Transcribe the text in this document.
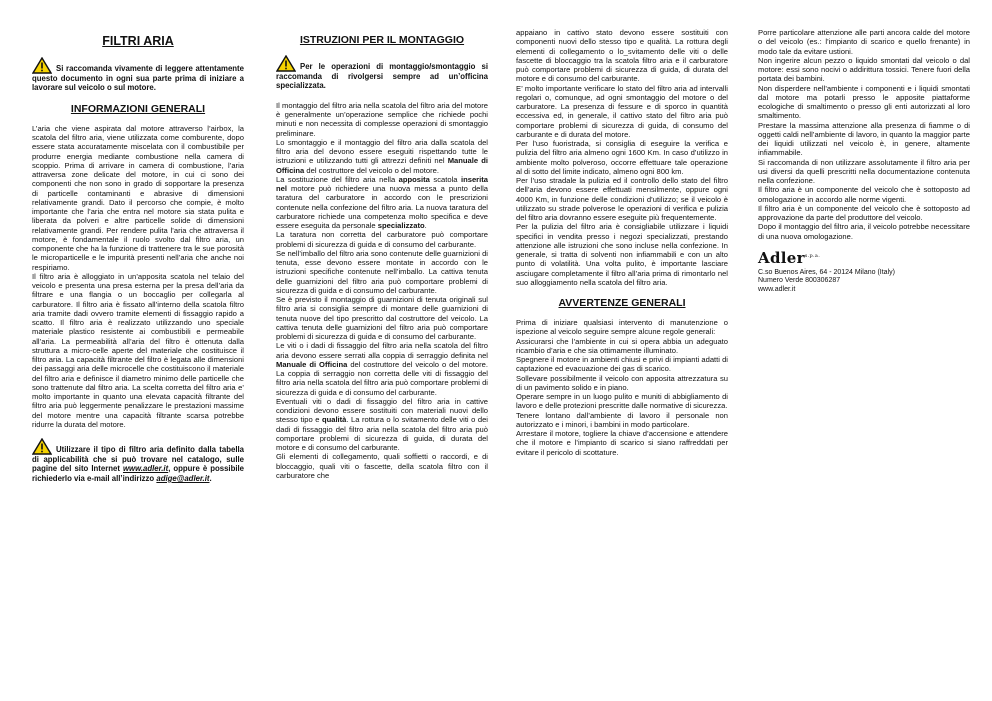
FILTRI ARIA
Si raccomanda vivamente di leggere attentamente questo documento in ogni sua parte prima di iniziare a lavorare sul veicolo o sul motore.
INFORMAZIONI GENERALI

L’aria che viene aspirata dal motore attraverso l’airbox, la scatola del filtro aria, viene utilizzata come comburente, dopo essere stata accuratamente miscelata con il combustibile per produrre energia mediante combustione nella camera di scoppio. Prima di arrivare in camera di combustione, l’aria attraversa zone delicate del motore, in cui ci sono dei componenti che non sono in grado di sopportare la presenza di particelle contaminanti e abrasive di dimensioni relativamente grandi. Dato il percorso che compie, è molto importante che l’aria che entra nel motore sia stata pulita e liberata da polveri e altre particelle solide di dimensioni relativamente grandi. Per rendere pulita l’aria che attraversa il motore, è fondamentale il ruolo svolto dal filtro aria, un componente che ha la funzione di trattenere tra le sue porosità le microparticelle e le impurità presenti nell’aria che anche noi respiriamo.

Il filtro aria è alloggiato in un’apposita scatola nel telaio del veicolo e presenta una presa esterna per la presa dell’aria da filtrare e una flangia o un boccaglio per collegarla al carburatore. Il filtro aria è fissato all’interno della scatola filtro aria tramite dadi ovvero tramite elementi di fissaggio rapido a scatto. Il filtro aria è realizzato utilizzando uno speciale materiale plastico resistente ai combustibili e permeabile all’aria. La permeabilità all’aria del filtro è ottenuta dalla struttura a micro-celle aperte del materiale che costituisce il filtro aria. La capacità filtrante del filtro è legata alle dimensioni dei passaggi aria delle microcelle che costituiscono il materiale del filtro aria e definisce il diametro minimo delle particelle che sono trattenute dal filtro aria. La scelta corretta del filtro aria e’ molto importante in quanto una elevata capacità filtrante del filtro aria può leggermente penalizzare le prestazioni massime del motore mentre una capacità filtrante scarsa potrebbe ridurre la durata del motore.

Utilizzare il tipo di filtro aria definito dalla tabella di applicabilità che si può trovare nel catalogo, sulle pagine del sito Internet www.adler.it, oppure è possibile richiederlo via e-mail all’indirizzo adige@adler.it.
ISTRUZIONI PER IL MONTAGGIO
Per le operazioni di montaggio/smontaggio si raccomanda di rivolgersi sempre ad un’officina specializzata.

Il montaggio del filtro aria nella scatola del filtro aria del motore è generalmente un’operazione semplice che richiede pochi minuti e non necessita di complesse operazioni di smontaggio preliminare.

Lo smontaggio e il montaggio del filtro aria dalla scatola del filtro aria del devono essere eseguiti rispettando tutte le istruzioni e utilizzando tutti gli attrezzi definiti nel Manuale di Officina del costruttore del veicolo o del motore.

La sostituzione del filtro aria nella apposita scatola inserita nel motore può richiedere una nuova messa a punto della taratura del carburatore in accordo con le prescrizioni contenute nella confezione del filtro aria. La nuova taratura del carburatore richiede una competenza molto specifica e deve essere eseguita da personale specializzato.

La taratura non corretta del carburatore può comportare problemi di sicurezza di guida e di consumo del carburante.

Se nell’imballo del filtro aria sono contenute delle guarnizioni di tenuta, esse devono essere montate in accordo con le istruzioni specifiche contenute nell’imballo. La cattiva tenuta delle guarnizioni del filtro aria può comportare problemi di sicurezza di guida e di consumo del carburante.

Se è previsto il montaggio di guarnizioni di tenuta originali sul filtro aria si consiglia sempre di montare delle guarnizioni di tenuta nuove del tipo prescritto dal costruttore del veicolo. La cattiva tenuta delle guarnizioni del filtro aria può comportare problemi di sicurezza di guida e di consumo del carburante.

Le viti o i dadi di fissaggio del filtro aria nella scatola del filtro aria devono essere serrati alla coppia di serraggio definita nel Manuale di Officina del costruttore del veicolo o del motore. La coppia di serraggio non corretta delle viti di fissaggio del filtro aria nella scatola del filtro aria può comportare problemi di sicurezza di guida e di consumo del carburante.

Eventuali viti o dadi di fissaggio del filtro aria in cattive condizioni devono essere sostituiti con materiali nuovi dello stesso tipo e qualità. La rottura o lo svitamento delle viti o dei dadi di fissaggio del filtro aria nella scatola del filtro aria può comportare problemi di sicurezza di guida, di durata del motore e di consumo del carburante.

Gli elementi di collegamento, quali soffietti o raccordi, e di bloccaggio, quali viti o fascette, della scatola filtro con il carburatore che

appaiano in cattivo stato devono essere sostituiti con componenti nuovi dello stesso tipo e qualità. La rottura degli elementi di collegamento o lo_svitamento delle viti o delle fascette di bloccaggio tra la scatola filtro aria e il carburatore può comportare problemi di sicurezza di guida, di durata del motore e di consumo del carburante.

E’ molto importante verificare lo stato del filtro aria ad intervalli regolari o, comunque, ad ogni smontaggio del motore o del carburatore. La presenza di fessure e di sporco in quantità eccessiva ed, in generale, il cattivo stato del filtro aria può comportare problemi di sicurezza di guida, di consumo del carburante e di durata del motore.

Per l’uso fuoristrada, si consiglia di eseguire la verifica e pulizia del filtro aria almeno ogni 1600 Km. In caso d’utilizzo in ambiente molto polveroso, occorre effettuare tale operazione al di sotto del limite indicato, almeno ogni 800 km.

Per l’uso stradale la pulizia ed il controllo dello stato del filtro dell’aria devono essere effettuati mensilmente, oppure ogni 4000 Km, in funzione delle condizioni d’utilizzo; se il veicolo è utilizzato su strade polverose le operazioni di verifica e pulizia del filtro aria dovranno essere eseguite più frequentemente.

Per la pulizia del filtro aria è consigliabile utilizzare i liquidi specifici in vendita presso i negozi specializzati, prestando attenzione alle istruzioni che sono incluse nella confezione. In generale, si tratta di solventi non infiammabili e con un alto punto di volatilità. Una volta pulito, è importante lasciare asciugare completamente il filtro all’aria prima di rimontarlo nel suo alloggiamento nella scatola del filtro aria.

AVVERTENZE GENERALI

Prima di iniziare qualsiasi intervento di manutenzione o ispezione al veicolo seguire sempre alcune regole generali:

Assicurarsi che l’ambiente in cui si opera abbia un adeguato ricambio d’aria e che sia ottimamente illuminato.

Spegnere il motore in ambienti chiusi e privi di impianti adatti di captazione ed evacuazione dei gas di scarico.

Sollevare possibilmente il veicolo con apposita attrezzatura su di un pavimento solido e in piano.

Operare sempre in un luogo pulito e muniti di abbigliamento di lavoro e delle protezioni prescritte dalle normative di sicurezza.

Tenere lontano dall’ambiente di lavoro il personale non autorizzato e i minori, i bambini in modo particolare.

Arrestare il motore, togliere la chiave d’accensione e attendere che il motore e l’impianto di scarico si siano raffreddati per evitare il pericolo di scottature.

Porre particolare attenzione alle parti ancora calde del motore o del veicolo (es.: l’impianto di scarico e quello frenante) in modo tale da evitare ustioni.

Non ingerire alcun pezzo o liquido smontati dal veicolo o dal motore: essi sono nocivi o addirittura tossici. Tenere fuori della portata dei bambini.

Non disperdere nell’ambiente i componenti e i liquidi smontati dal motore ma potarli presso le apposite piattaforme ecologiche di smaltimento o presso gli enti autorizzati al loro smaltimento.

Prestare la massima attenzione alla presenza di fiamme o di oggetti caldi nell’ambiente di lavoro, in quanto la maggior parte dei liquidi utilizzati nel veicolo è, in genere, altamente infiammabile.

Si raccomanda di non utilizzare assolutamente il filtro aria per usi diversi da quelli prescritti nella documentazione contenuta nella confezione.

Il filtro aria è un componente del veicolo che è sottoposto ad omologazione in accordo alle norme vigenti.

Il filtro aria è un componente del veicolo che è sottoposto ad approvazione da parte del produttore del veicolo.

Dopo il montaggio del filtro aria, il veicolo potrebbe necessitare di una nuova omologazione.

Adler$^{s.p.a.}$
C.so Buenos Aires, 64 - 20124 Milano (Italy)
Numero Verde 800306287
www.adler.it
